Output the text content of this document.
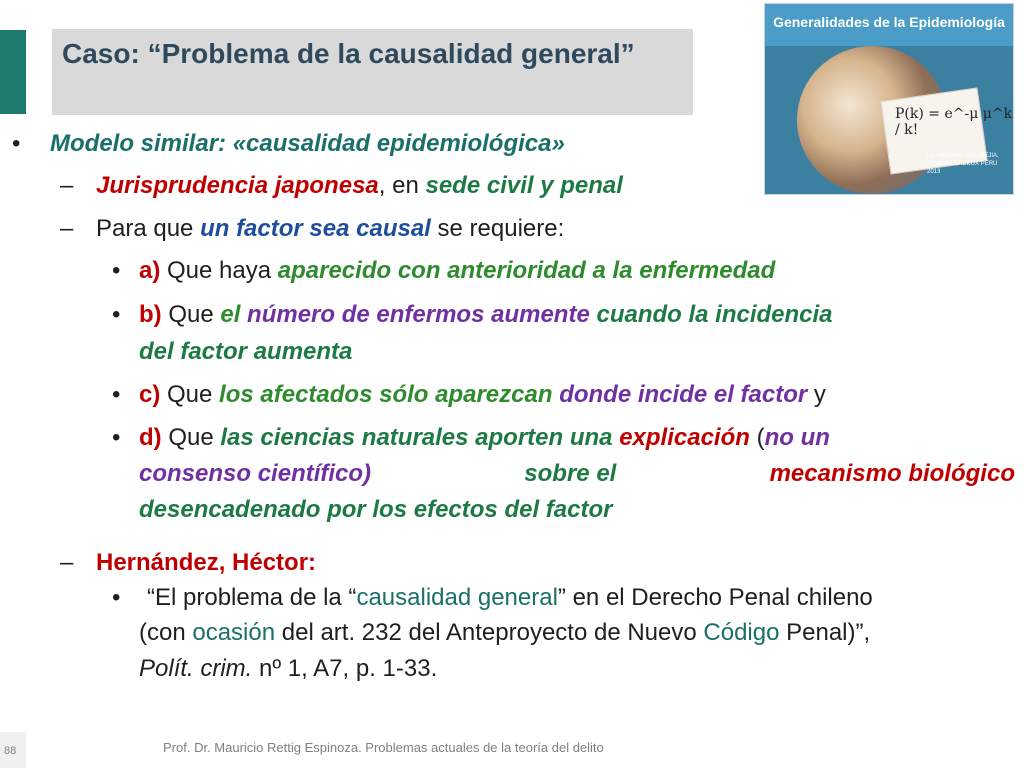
Caso: “Problema de la causalidad general”
Generalidades de la Epidemiología
P(k) = e^-μ μ^k / k!
Lic. Alejandro Caro MEJIA, Osvaldo ULADEUX PERU 2013
• Modelo similar: «causalidad epidemiológica»
– Jurisprudencia japonesa, en sede civil y penal
– Para que un factor sea causal se requiere:
• a) Que haya aparecido con anterioridad a la enfermedad
• b) Que el número de enfermos aumente cuando la incidencia
del factor aumenta
• c) Que los afectados sólo aparezcan donde incide el factor y
• d) Que las ciencias naturales aporten una explicación (no un
consenso científico)	sobre el	mecanismo biológico
desencadenado por los efectos del factor
– Hernández, Héctor:
• “El problema de la “causalidad general” en el Derecho Penal chileno
(con ocasión del art. 232 del Anteproyecto de Nuevo Código Penal)”,
Polít. crim. nº 1, A7, p. 1-33.
Prof. Dr. Mauricio Rettig Espinoza. Problemas actuales de la teoría del delito
88
